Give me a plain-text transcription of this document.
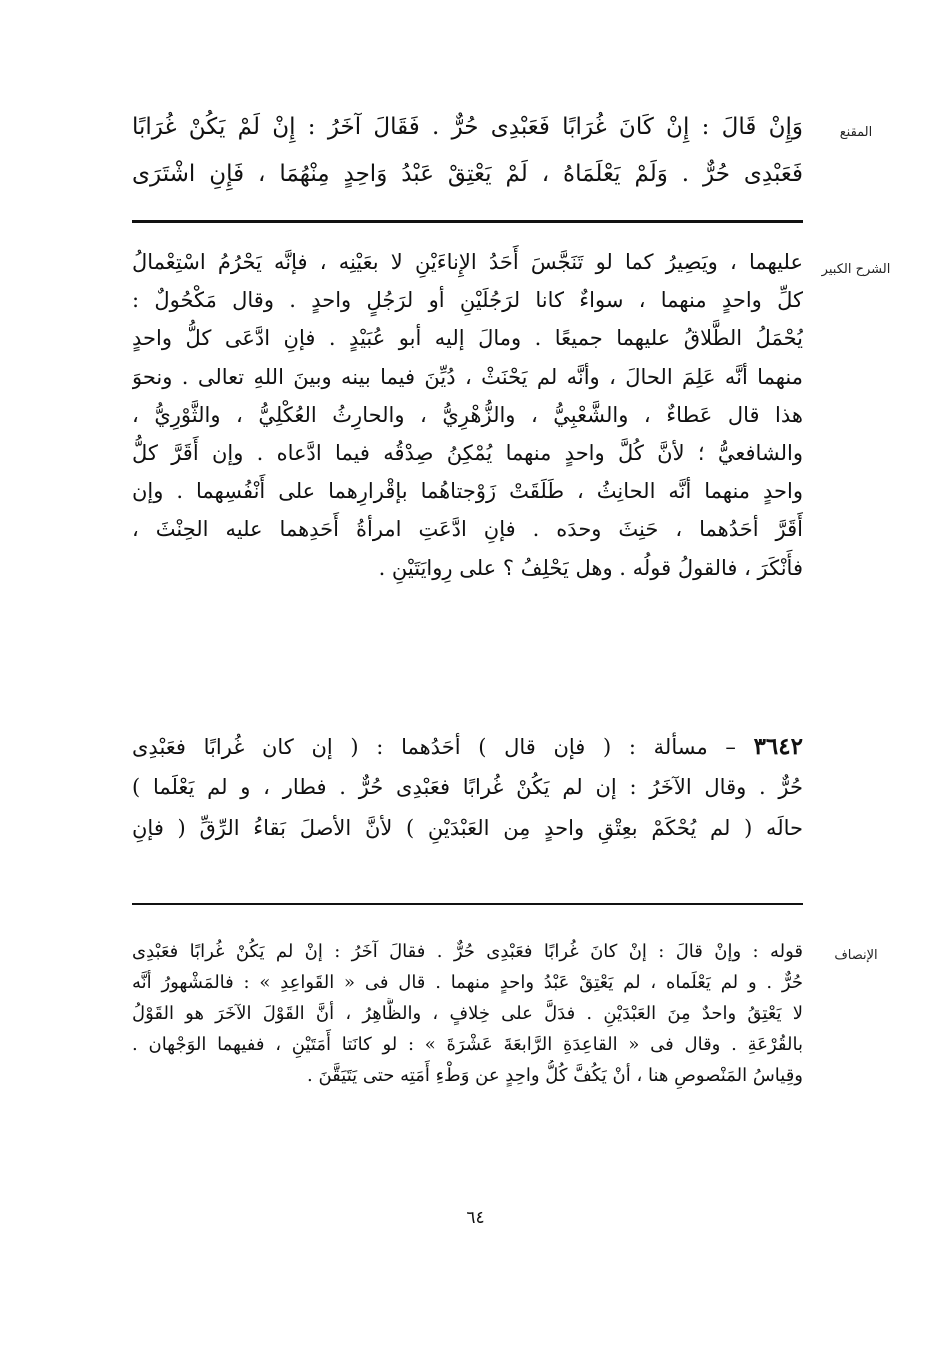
المقنع
وَإِنْ قَالَ : إِنْ كَانَ غُرَابًا فَعَبْدِى حُرٌّ . فَقَالَ آخَرُ : إِنْ لَمْ يَكُنْ غُرَابًا
فَعَبْدِى حُرٌّ . وَلَمْ يَعْلَمَاهُ ، لَمْ يَعْتِقْ عَبْدُ وَاحِدٍ مِنْهُمَا ، فَإِنِ اشْتَرَى
الشرح الكبير
عليهما ، ويَصِيرُ كما لو تَنَجَّسَ أَحَدُ الإِناءَيْنِ لا بعَيْنِه ، فإنَّه يَحْرُمُ اسْتِعْمالُ
كلِّ واحدٍ منهما ، سواءٌ كانا لرَجُلَيْنِ أو لرَجُلٍ واحدٍ . وقال مَكْحُولٌ :
يُحْمَلُ الطَّلاقُ عليهما جميعًا . ومالَ إليه أبو عُبَيْدٍ . فإنِ ادَّعَى كلُّ واحدٍ
منهما أنَّه عَلِمَ الحالَ ، وأنَّه لم يَحْنَثْ ، دُيِّنَ فيما بينه وبينَ اللهِ تعالى . ونحوَ
هذا قال عَطاءٌ ، والشَّعْبِيُّ ، والزُّهْرِيُّ ، والحارِثُ العُكْلِيُّ ، والثَّوْرِيُّ ،
والشافعيُّ ؛ لأنَّ كُلَّ واحدٍ منهما يُمْكِنُ صِدْقُه فيما ادَّعاه . وإن أَقَرَّ كلُّ
واحدٍ منهما أنَّه الحانِثُ ، طَلَقَتْ زَوْجتاهُما بإقْرارِهما على أَنْفُسِهما . وإن
أَقَرَّ أحَدُهما ، حَنِثَ وحدَه . فإنِ ادَّعَتِ امرأةُ أَحَدِهما عليه الحِنْثَ ،
فأَنْكَرَ ، فالقولُ قولُه . وهل يَحْلِفُ ؟ على رِوايَتَيْنِ .
٣٦٤٢ – مسألة : ( فإن قال ) أحَدُهما : ( إن كان غُرابًا فعَبْدِى
حُرٌّ . وقال الآخَرُ : إن لم يَكُنْ غُرابًا فعَبْدِى حُرٌّ . فطار ، و لم يَعْلَما )
حالَه ( لم يُحْكَمْ بعِتْقِ واحدٍ مِن العَبْدَيْنِ ) لأنَّ الأصلَ بَقاءُ الرِّقِّ ( فإنِ
الإنصاف
قوله : وإنْ قالَ : إنْ كانَ غُرابًا فعَبْدِى حُرٌّ . فقالَ آخَرُ : إنْ لم يَكُنْ غُرابًا فعَبْدِى
حُرٌّ . و لم يَعْلَماه ، لم يَعْتِقْ عَبْدُ واحدٍ منهما . قال فى « القَواعِدِ » : فالمَشْهورُ أنَّه
لا يَعْتِقُ واحدٌ مِنَ العَبْدَيْنِ . فدَلَّ على خِلافٍ ، والظَّاهِرُ ، أنَّ القَوْلَ الآخَرَ هو القَوْلُ
بالقُرْعَةِ . وقال فى « القاعِدَةِ الرَّابعَةَ عَشْرَةَ » : لو كانَتا أَمَتَيْنِ ، ففيهما الوَجْهان .
وقِياسُ المَنْصوصِ هنا ، أنْ يَكُفَّ كُلُّ واحِدٍ عن وَطْءِ أَمَتِه حتى يَتَيَقَّنَ .
٦٤
